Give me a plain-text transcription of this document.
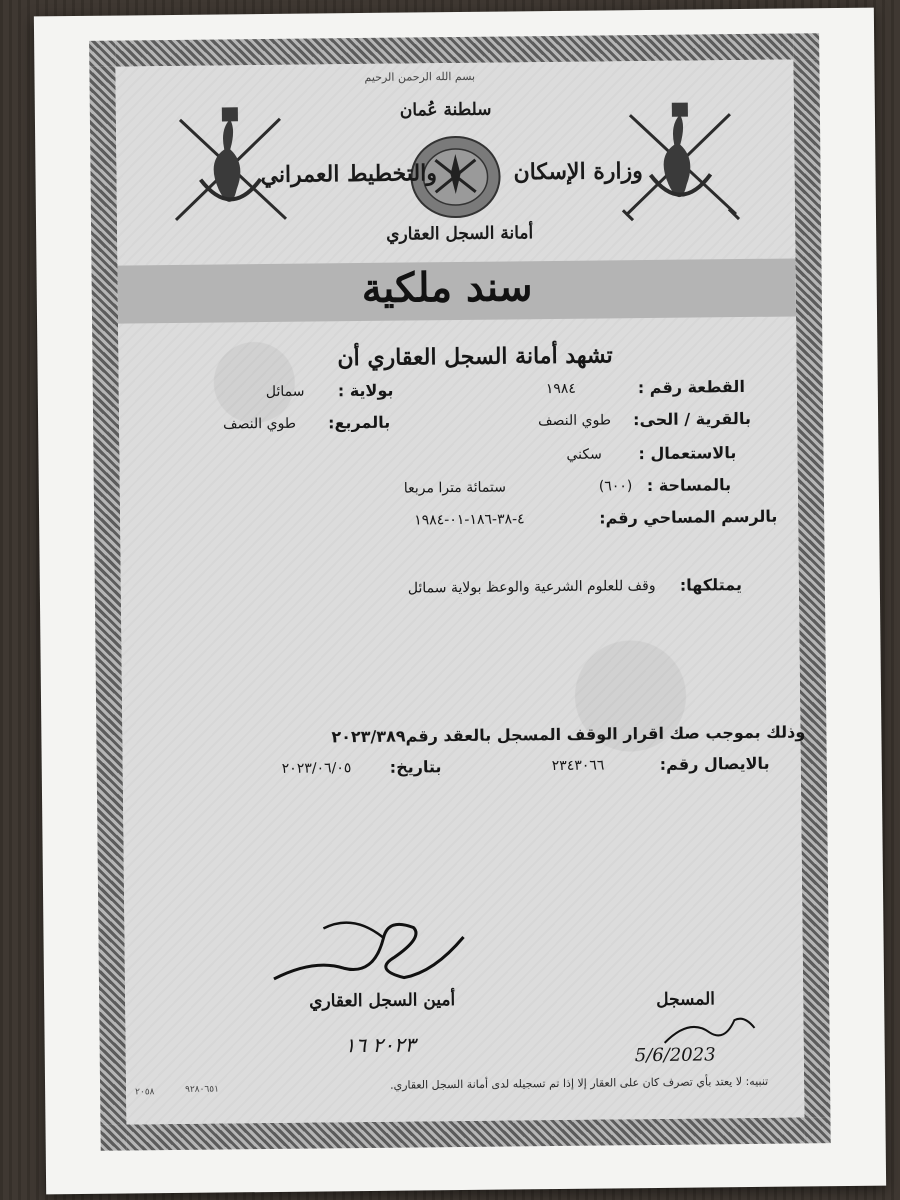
بسم الله الرحمن الرحيم
سلطنة عُمان
وزارة الإسكان
والتخطيط العمراني
أمانة السجل العقاري
سند ملكية
تشهد أمانة السجل العقاري أن
القطعة رقم :
١٩٨٤
بولاية :
سمائل
بالقرية / الحى:
طوي النصف
بالمربع:
طوي النصف
بالاستعمال :
سكني
بالمساحة :
(٦٠٠)
ستمائة مترا مربعا
بالرسم المساحي رقم:
٤-٣٨-١٨٦-٠١-١٩٨٤
يمتلكها:
وقف للعلوم الشرعية والوعظ بولاية سمائل
وذلك بموجب صك اقرار الوقف المسجل بالعقد رقم٢٠٢٣/٣٨٩
بالايصال رقم:
٢٣٤٣٠٦٦
بتاريخ:
٢٠٢٣/٠٦/٠٥
أمين السجل العقاري
٢٠٢٣ ١٦
المسجل
5/6/2023
تنبيه: لا يعتد بأي تصرف كان على العقار إلا إذا تم تسجيله لدى أمانة السجل العقاري.
٩٢٨٠٦٥١
٢٠٥٨
